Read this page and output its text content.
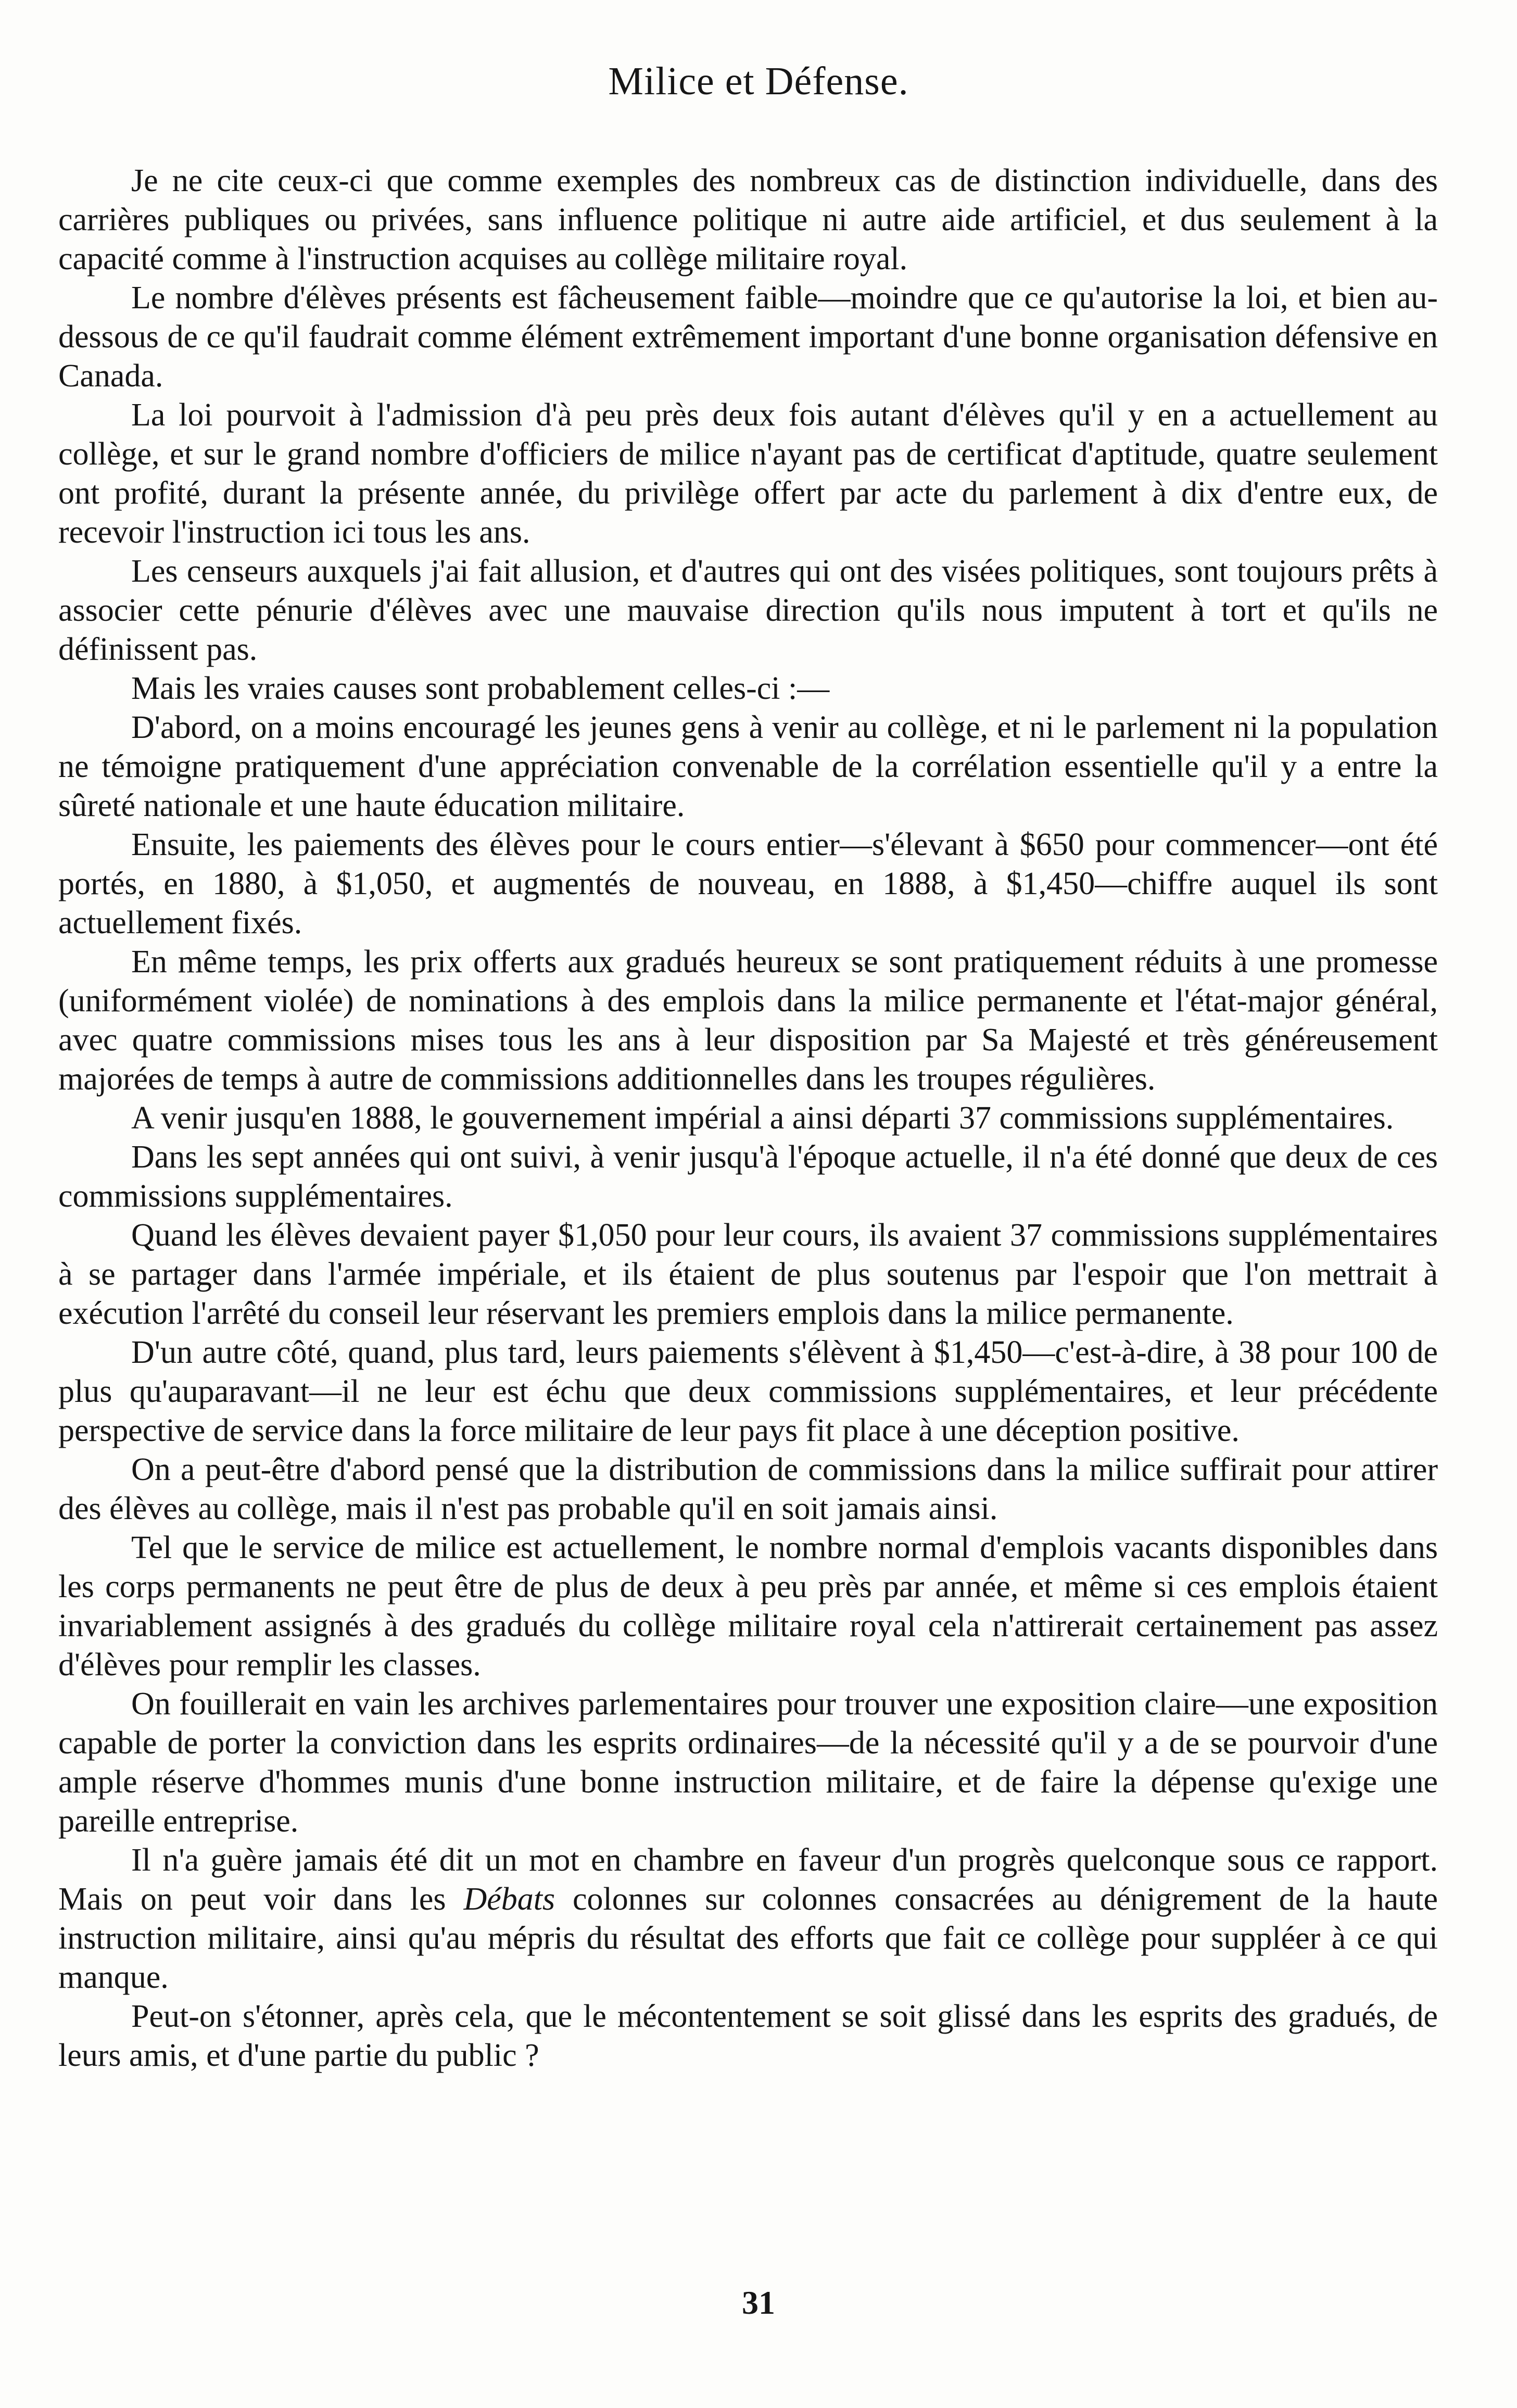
Milice et Défense.

Je ne cite ceux-ci que comme exemples des nombreux cas de distinction individuelle, dans des carrières publiques ou privées, sans influence politique ni autre aide artificiel, et dus seulement à la capacité comme à l'instruction acquises au collège militaire royal.

Le nombre d'élèves présents est fâcheusement faible—moindre que ce qu'autorise la loi, et bien au-dessous de ce qu'il faudrait comme élément extrêmement important d'une bonne organisation défensive en Canada.

La loi pourvoit à l'admission d'à peu près deux fois autant d'élèves qu'il y en a actuellement au collège, et sur le grand nombre d'officiers de milice n'ayant pas de certificat d'aptitude, quatre seulement ont profité, durant la présente année, du privilège offert par acte du parlement à dix d'entre eux, de recevoir l'instruction ici tous les ans.

Les censeurs auxquels j'ai fait allusion, et d'autres qui ont des visées politiques, sont toujours prêts à associer cette pénurie d'élèves avec une mauvaise direction qu'ils nous imputent à tort et qu'ils ne définissent pas.

Mais les vraies causes sont probablement celles-ci :—

D'abord, on a moins encouragé les jeunes gens à venir au collège, et ni le parlement ni la population ne témoigne pratiquement d'une appréciation convenable de la corrélation essentielle qu'il y a entre la sûreté nationale et une haute éducation militaire.

Ensuite, les paiements des élèves pour le cours entier—s'élevant à $650 pour commencer—ont été portés, en 1880, à $1,050, et augmentés de nouveau, en 1888, à $1,450—chiffre auquel ils sont actuellement fixés.

En même temps, les prix offerts aux gradués heureux se sont pratiquement réduits à une promesse (uniformément violée) de nominations à des emplois dans la milice permanente et l'état-major général, avec quatre commissions mises tous les ans à leur disposition par Sa Majesté et très généreusement majorées de temps à autre de commissions additionnelles dans les troupes régulières.

A venir jusqu'en 1888, le gouvernement impérial a ainsi départi 37 commissions supplémentaires.

Dans les sept années qui ont suivi, à venir jusqu'à l'époque actuelle, il n'a été donné que deux de ces commissions supplémentaires.

Quand les élèves devaient payer $1,050 pour leur cours, ils avaient 37 commissions supplémentaires à se partager dans l'armée impériale, et ils étaient de plus soutenus par l'espoir que l'on mettrait à exécution l'arrêté du conseil leur réservant les premiers emplois dans la milice permanente.

D'un autre côté, quand, plus tard, leurs paiements s'élèvent à $1,450—c'est-à-dire, à 38 pour 100 de plus qu'auparavant—il ne leur est échu que deux commissions supplémentaires, et leur précédente perspective de service dans la force militaire de leur pays fit place à une déception positive.

On a peut-être d'abord pensé que la distribution de commissions dans la milice suffirait pour attirer des élèves au collège, mais il n'est pas probable qu'il en soit jamais ainsi.

Tel que le service de milice est actuellement, le nombre normal d'emplois vacants disponibles dans les corps permanents ne peut être de plus de deux à peu près par année, et même si ces emplois étaient invariablement assignés à des gradués du collège militaire royal cela n'attirerait certainement pas assez d'élèves pour remplir les classes.

On fouillerait en vain les archives parlementaires pour trouver une exposition claire—une exposition capable de porter la conviction dans les esprits ordinaires—de la nécessité qu'il y a de se pourvoir d'une ample réserve d'hommes munis d'une bonne instruction militaire, et de faire la dépense qu'exige une pareille entreprise.

Il n'a guère jamais été dit un mot en chambre en faveur d'un progrès quelconque sous ce rapport. Mais on peut voir dans les Débats colonnes sur colonnes consacrées au dénigrement de la haute instruction militaire, ainsi qu'au mépris du résultat des efforts que fait ce collège pour suppléer à ce qui manque.

Peut-on s'étonner, après cela, que le mécontentement se soit glissé dans les esprits des gradués, de leurs amis, et d'une partie du public ?

31
